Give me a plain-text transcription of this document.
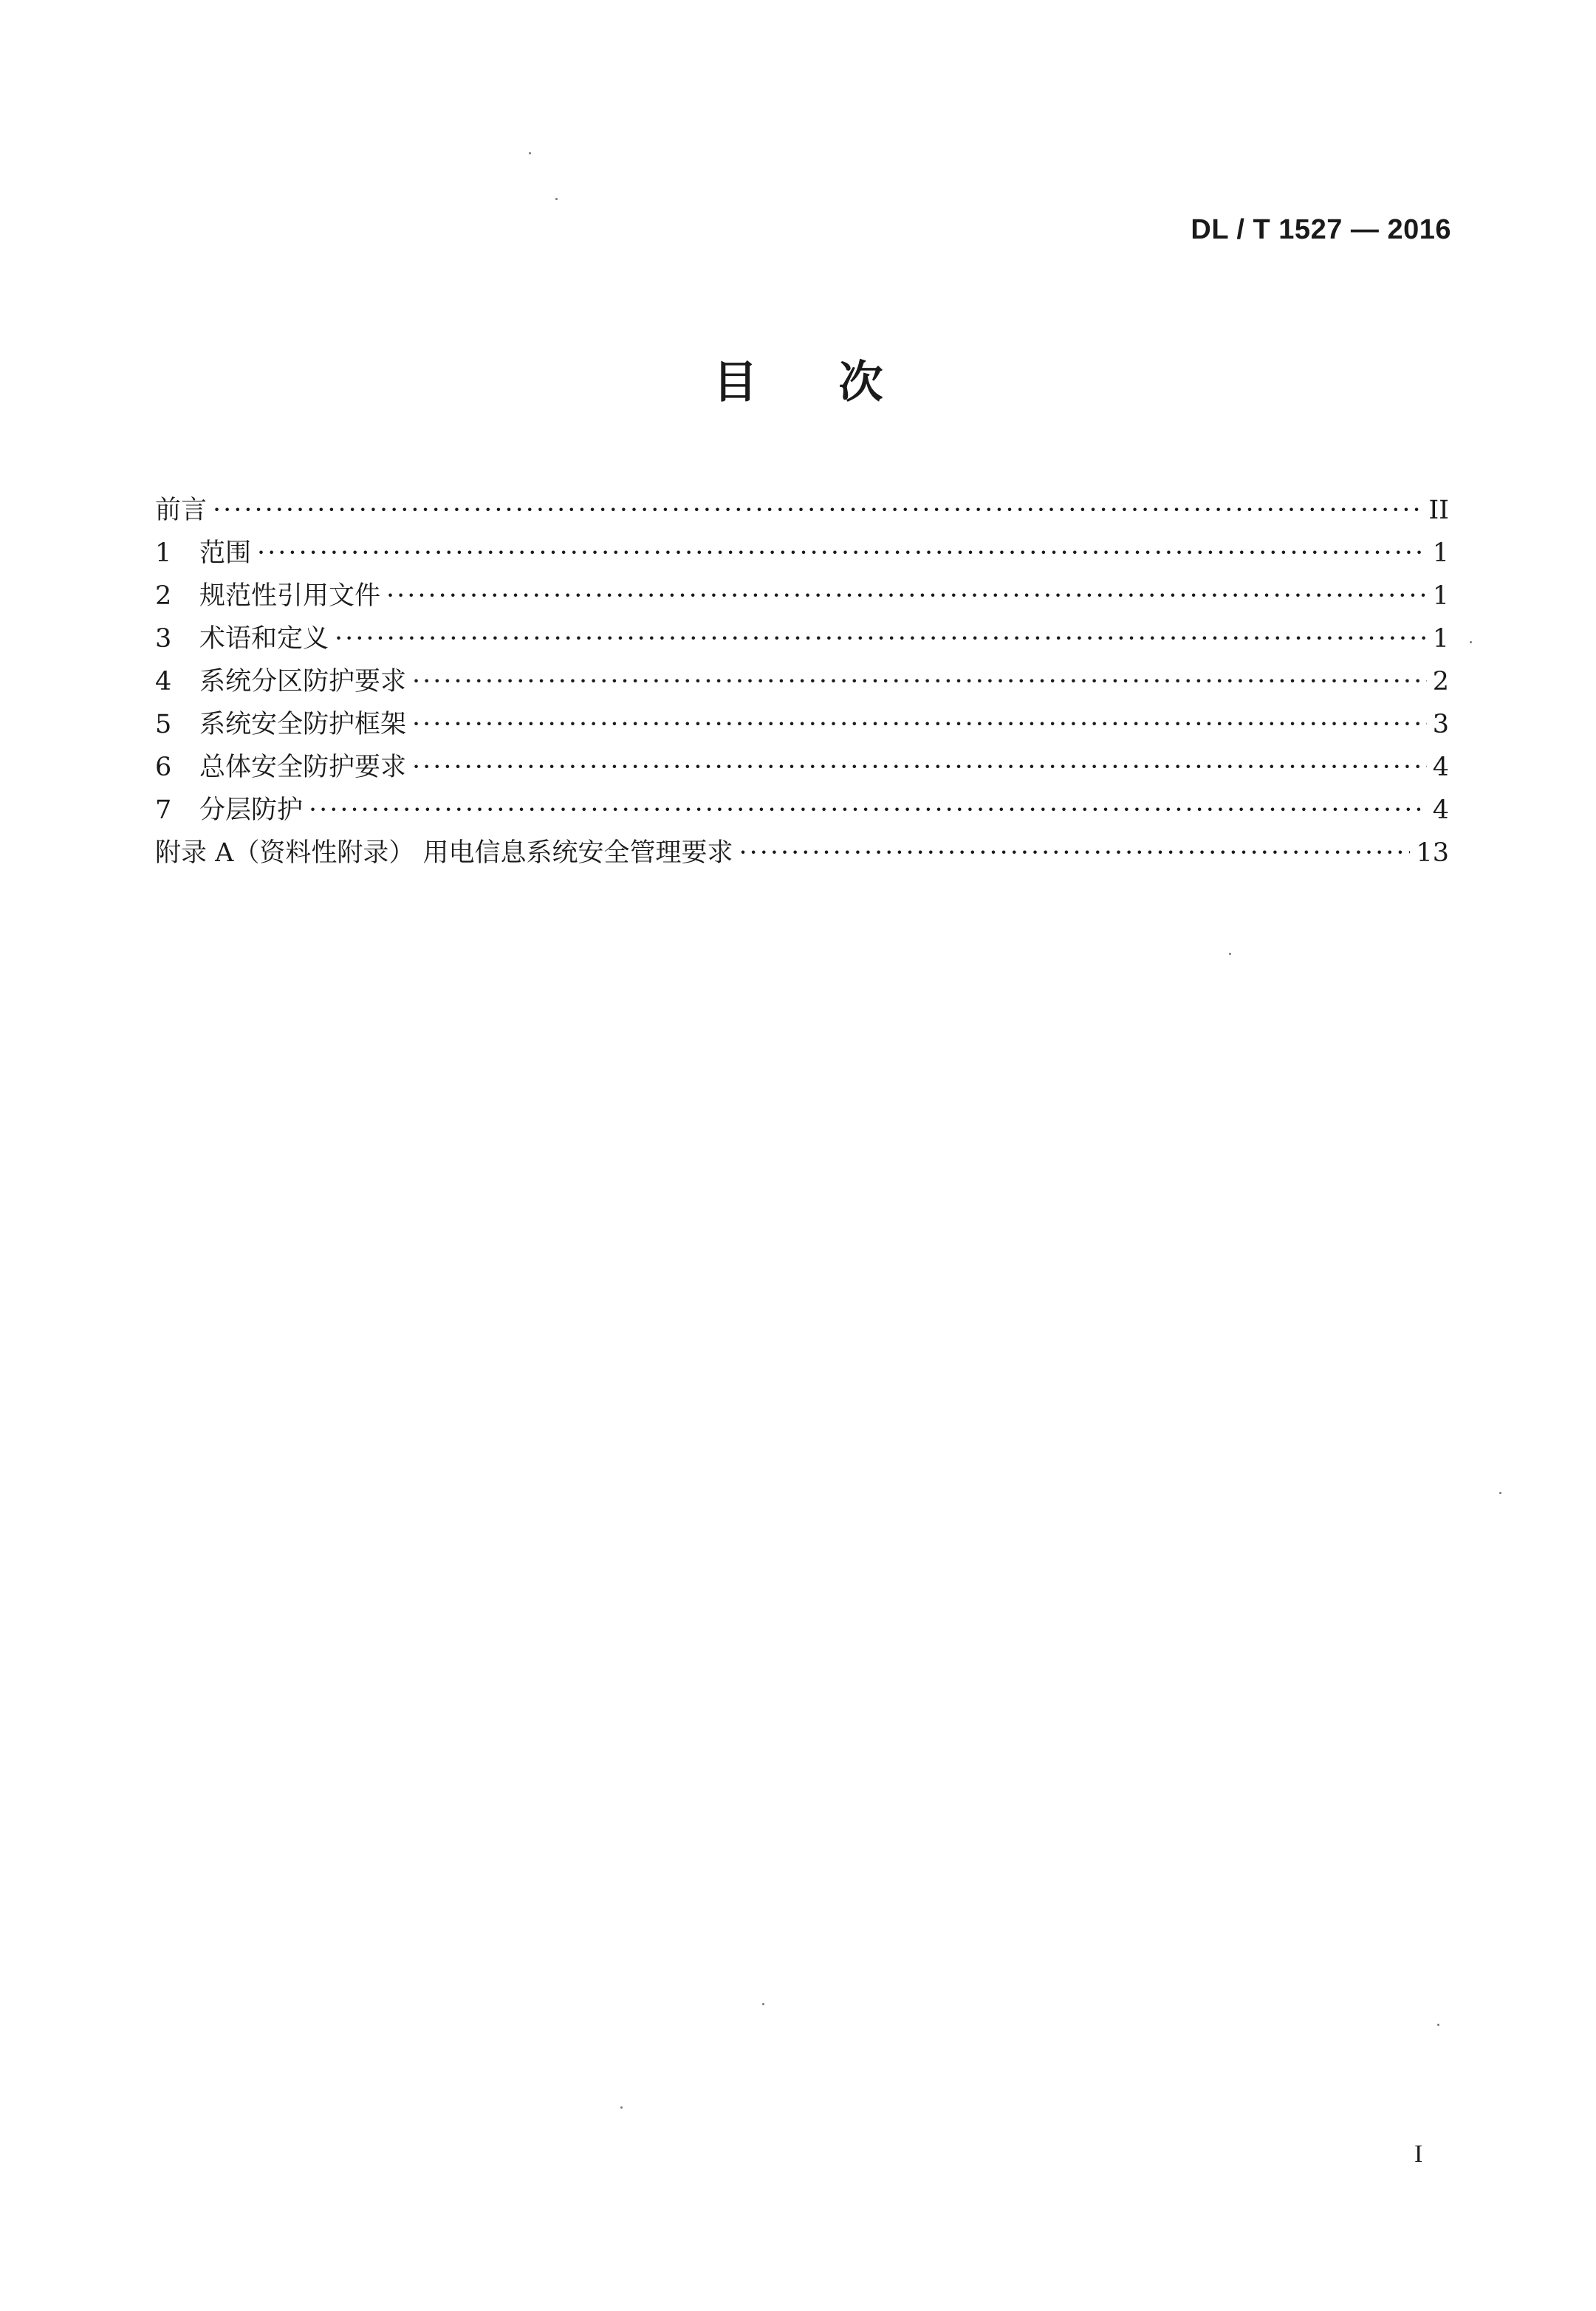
DL / T 1527 — 2016
目次
前言 ·····	II
1	范围 ·····	1
2	规范性引用文件 ·····	1
3	术语和定义 ·····	1
4	系统分区防护要求 ·····	2
5	系统安全防护框架 ·····	3
6	总体安全防护要求 ·····	4
7	分层防护 ·····	4
附录 A（资料性附录） 用电信息系统安全管理要求 ·····	13
I
